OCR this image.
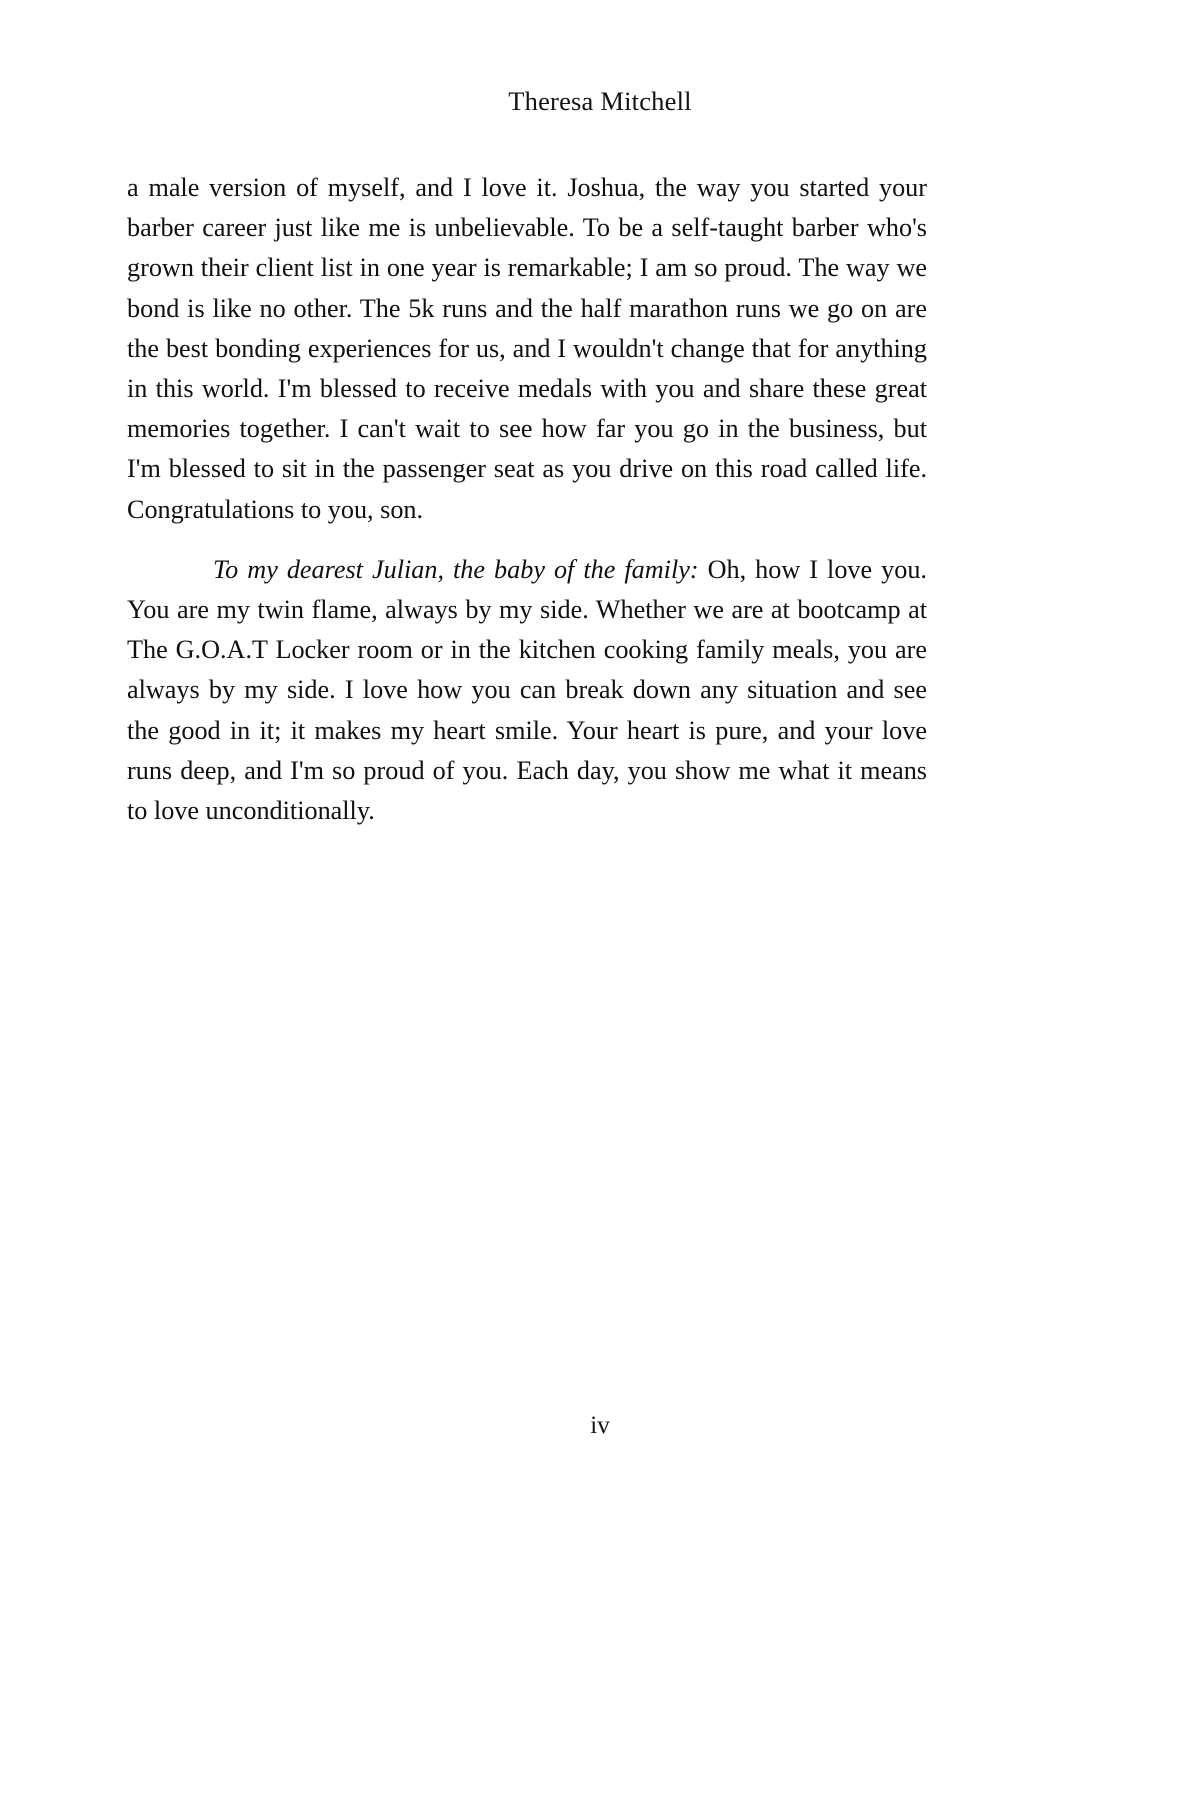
Theresa Mitchell

a male version of myself, and I love it. Joshua, the way you started your barber career just like me is unbelievable. To be a self-taught barber who's grown their client list in one year is remarkable; I am so proud. The way we bond is like no other. The 5k runs and the half marathon runs we go on are the best bonding experiences for us, and I wouldn't change that for anything in this world. I'm blessed to receive medals with you and share these great memories together. I can't wait to see how far you go in the business, but I'm blessed to sit in the passenger seat as you drive on this road called life. Congratulations to you, son.

To my dearest Julian, the baby of the family: Oh, how I love you. You are my twin flame, always by my side. Whether we are at bootcamp at The G.O.A.T Locker room or in the kitchen cooking family meals, you are always by my side. I love how you can break down any situation and see the good in it; it makes my heart smile. Your heart is pure, and your love runs deep, and I'm so proud of you. Each day, you show me what it means to love unconditionally.

iv
